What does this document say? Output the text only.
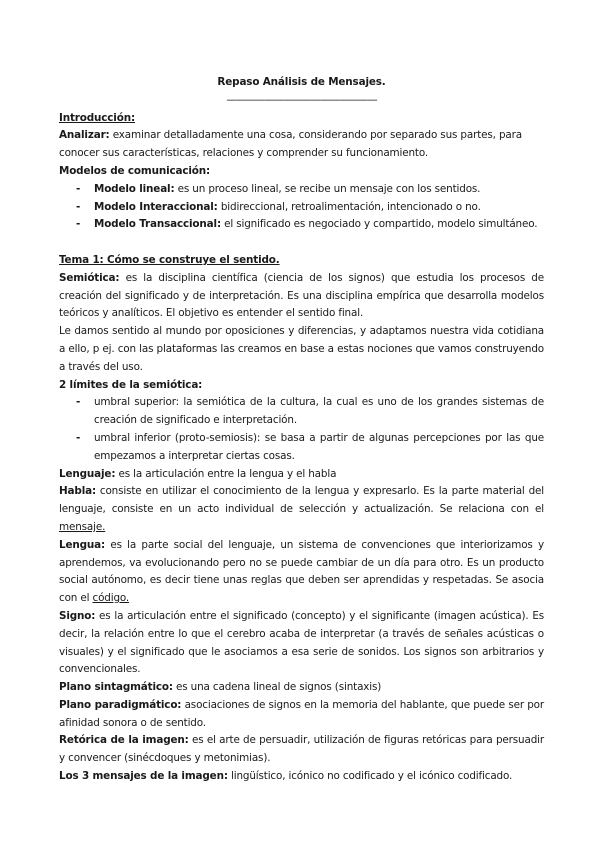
Repaso Análisis de Mensajes.

————————————————

Introducción:

Analizar: examinar detalladamente una cosa, considerando por separado sus partes, para conocer sus características, relaciones y comprender su funcionamiento.

Modelos de comunicación:

- Modelo lineal: es un proceso lineal, se recibe un mensaje con los sentidos.
- Modelo Interaccional: bidireccional, retroalimentación, intencionado o no.
- Modelo Transaccional: el significado es negociado y compartido, modelo simultáneo.

Tema 1: Cómo se construye el sentido.

Semiótica: es la disciplina científica (ciencia de los signos) que estudia los procesos de creación del significado y de interpretación. Es una disciplina empírica que desarrolla modelos teóricos y analíticos. El objetivo es entender el sentido final.

Le damos sentido al mundo por oposiciones y diferencias, y adaptamos nuestra vida cotidiana a ello, p ej. con las plataformas las creamos en base a estas nociones que vamos construyendo a través del uso.

2 límites de la semiótica:

- umbral superior: la semiótica de la cultura, la cual es uno de los grandes sistemas de creación de significado e interpretación.
- umbral inferior (proto-semiosis): se basa a partir de algunas percepciones por las que empezamos a interpretar ciertas cosas.

Lenguaje: es la articulación entre la lengua y el habla

Habla: consiste en utilizar el conocimiento de la lengua y expresarlo. Es la parte material del lenguaje, consiste en un acto individual de selección y actualización. Se relaciona con el mensaje.

Lengua: es la parte social del lenguaje, un sistema de convenciones que interiorizamos y aprendemos, va evolucionando pero no se puede cambiar de un día para otro. Es un producto social autónomo, es decir tiene unas reglas que deben ser aprendidas y respetadas. Se asocia con el código.

Signo: es la articulación entre el significado (concepto) y el significante (imagen acústica). Es decir, la relación entre lo que el cerebro acaba de interpretar (a través de señales acústicas o visuales) y el significado que le asociamos a esa serie de sonidos. Los signos son arbitrarios y convencionales.

Plano sintagmático: es una cadena lineal de signos (sintaxis)

Plano paradigmático: asociaciones de signos en la memoria del hablante, que puede ser por afinidad sonora o de sentido.

Retórica de la imagen: es el arte de persuadir, utilización de figuras retóricas para persuadir y convencer (sinécdoques y metonimias).

Los 3 mensajes de la imagen: lingüístico, icónico no codificado y el icónico codificado.
